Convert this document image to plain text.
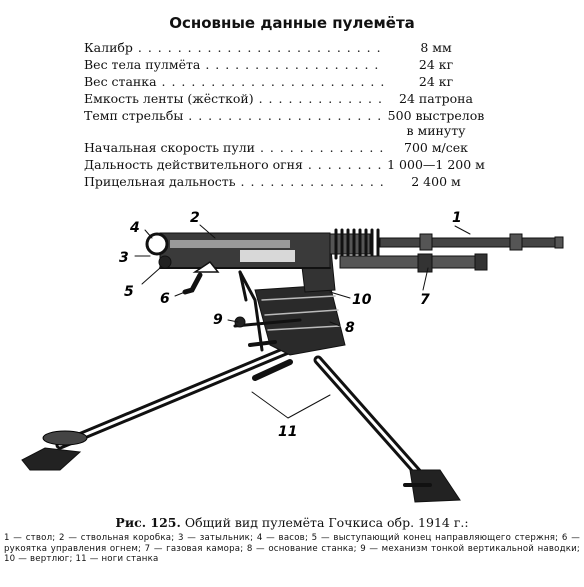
Основные данные пулемёта
Калибр . . .	8 мм
Вес тела пулмёта . . .	24 кг
Вес станка . . .	24 кг
Емкость ленты (жёсткой) . . .	24 патрона
Темп стрельбы . . .	500 выстрелов в минуту
Начальная скорость пули . . .	700 м/сек
Дальность действительного огня . . .	1 000—1 200 м
Прицельная дальность . . .	2 400 м
1
2
3
4
5 6	7
8
9
10
11
Рис. 125. Общий вид пулемёта Гочкиса обр. 1914 г.:
1 — ствол; 2 — ствольная коробка; 3 — затыльник; 4 — васов; 5 — выступающий конец направляющего стержня; 6 — рукоятка управления огнем; 7 — газовая камора; 8 — основание станка; 9 — механизм тонкой вертикальной наводки; 10 — вертлюг; 11 — ноги станка
